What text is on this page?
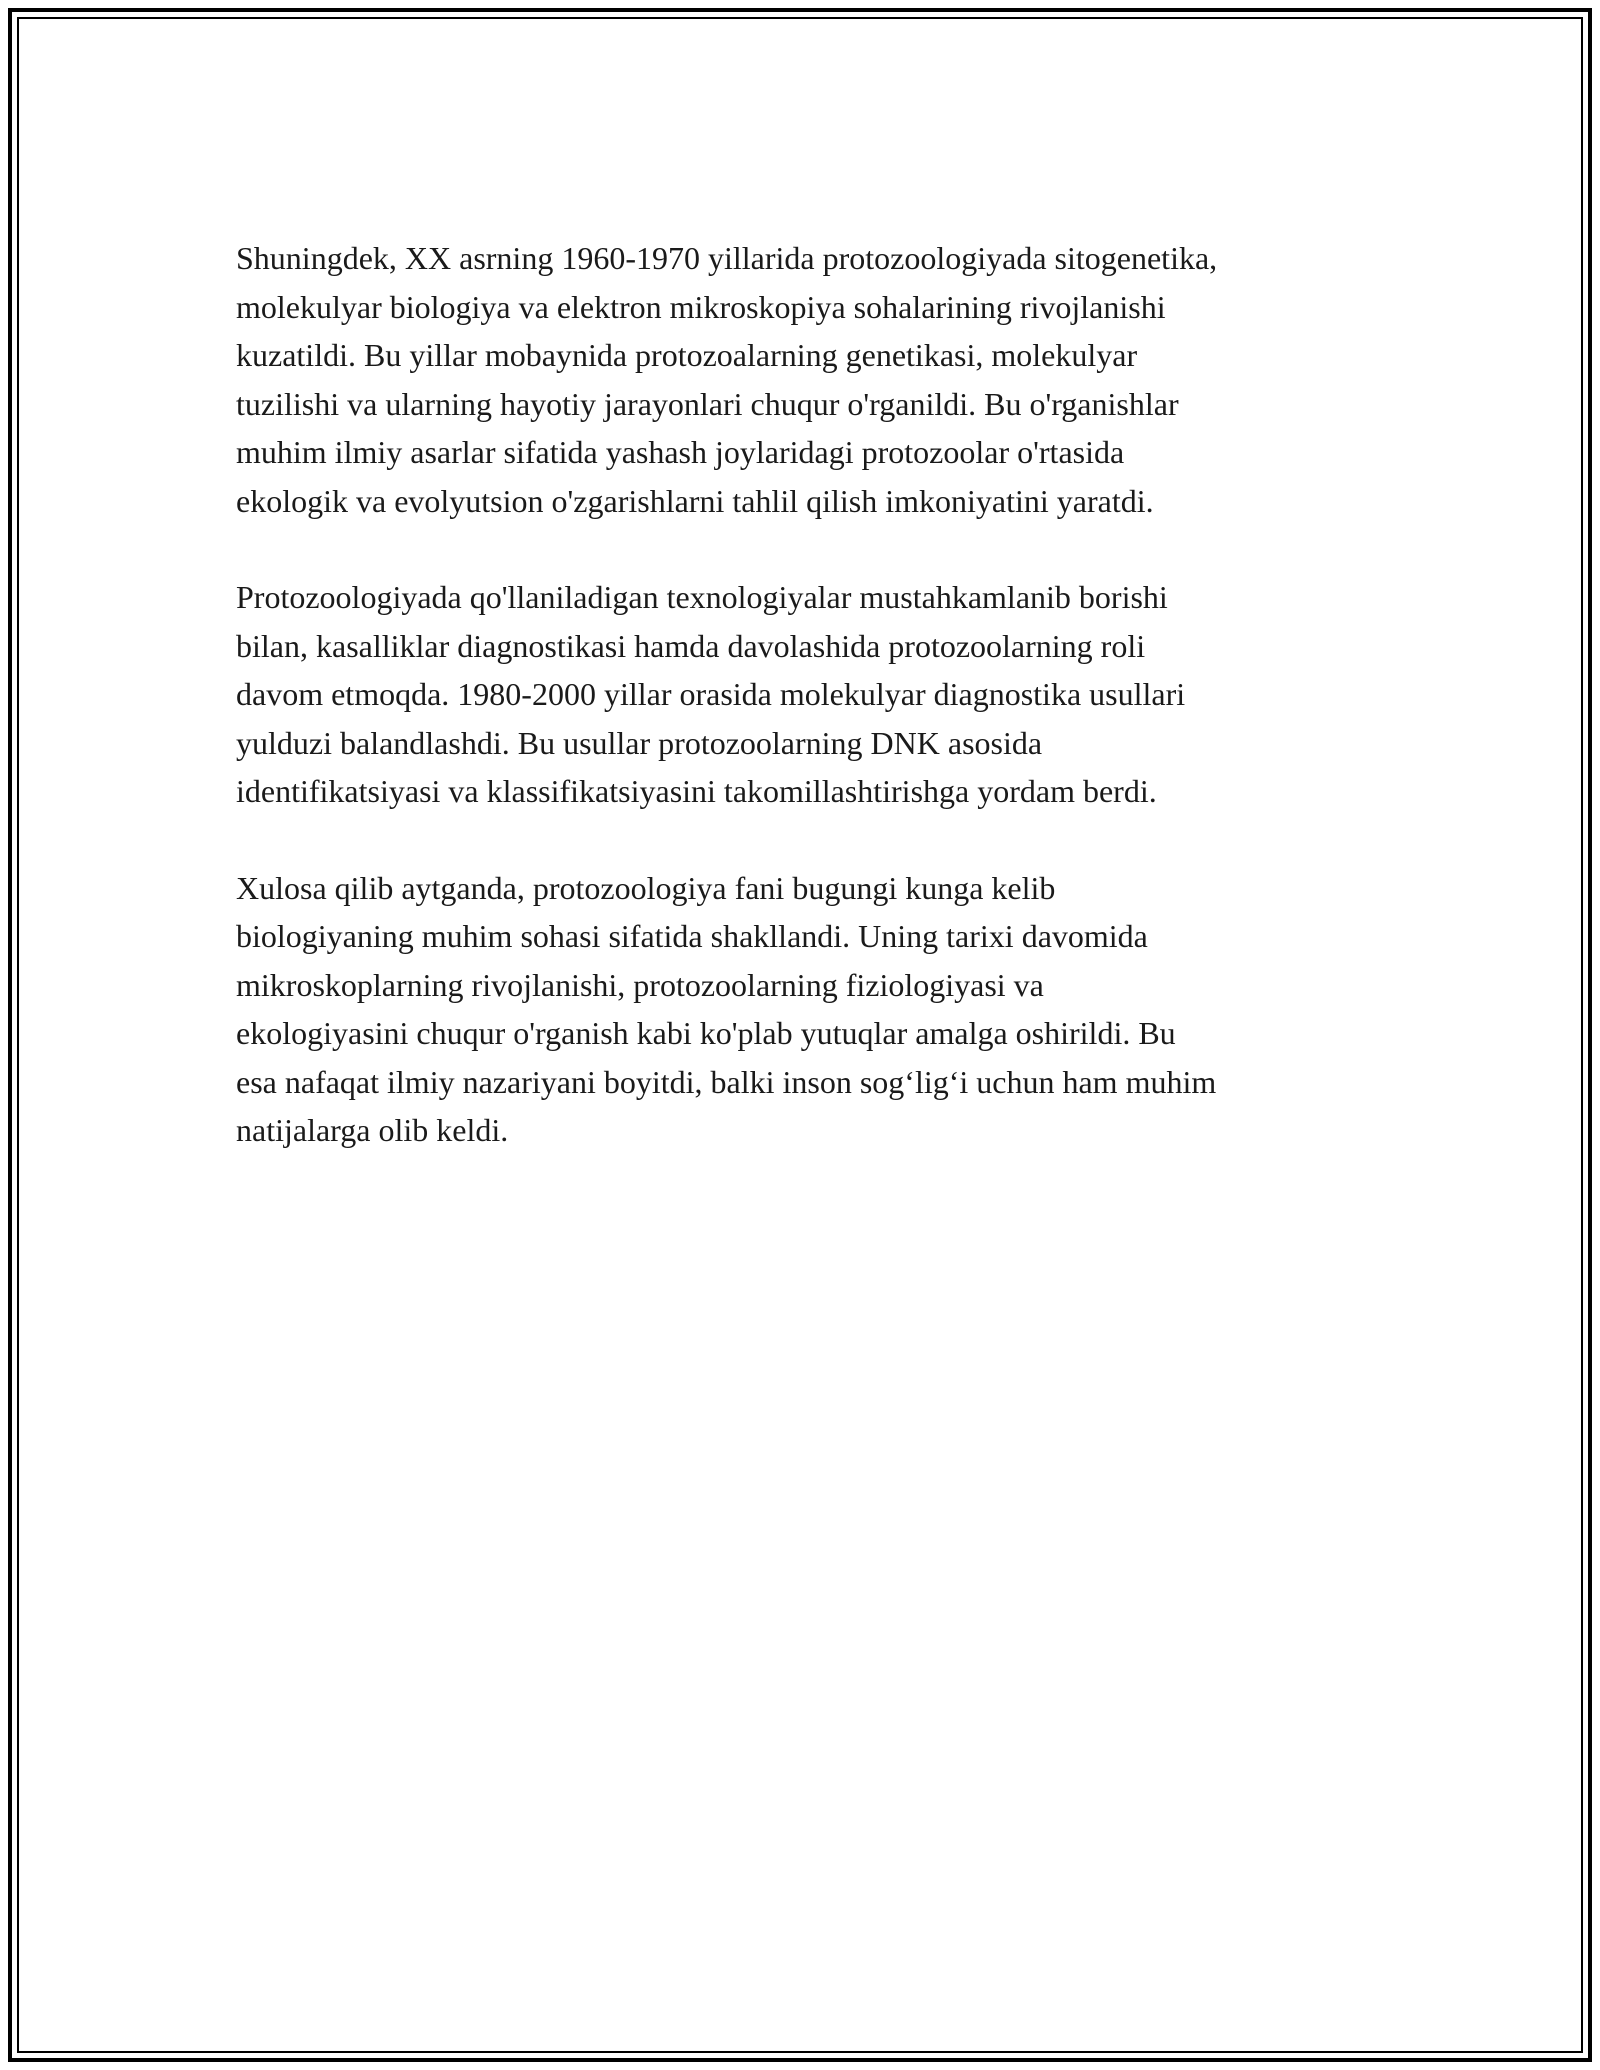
Shuningdek, XX asrning 1960-1970 yillarida protozoologiyada sitogenetika,
molekulyar biologiya va elektron mikroskopiya sohalarining rivojlanishi
kuzatildi. Bu yillar mobaynida protozoalarning genetikasi, molekulyar
tuzilishi va ularning hayotiy jarayonlari chuqur o'rganildi. Bu o'rganishlar
muhim ilmiy asarlar sifatida yashash joylaridagi protozoolar o'rtasida
ekologik va evolyutsion o'zgarishlarni tahlil qilish imkoniyatini yaratdi.

Protozoologiyada qo'llaniladigan texnologiyalar mustahkamlanib borishi
bilan, kasalliklar diagnostikasi hamda davolashida protozoolarning roli
davom etmoqda. 1980-2000 yillar orasida molekulyar diagnostika usullari
yulduzi balandlashdi. Bu usullar protozoolarning DNK asosida
identifikatsiyasi va klassifikatsiyasini takomillashtirishga yordam berdi.

Xulosa qilib aytganda, protozoologiya fani bugungi kunga kelib
biologiyaning muhim sohasi sifatida shakllandi. Uning tarixi davomida
mikroskoplarning rivojlanishi, protozoolarning fiziologiyasi va
ekologiyasini chuqur o'rganish kabi ko'plab yutuqlar amalga oshirildi. Bu
esa nafaqat ilmiy nazariyani boyitdi, balki inson sog‘lig‘i uchun ham muhim
natijalarga olib keldi.
